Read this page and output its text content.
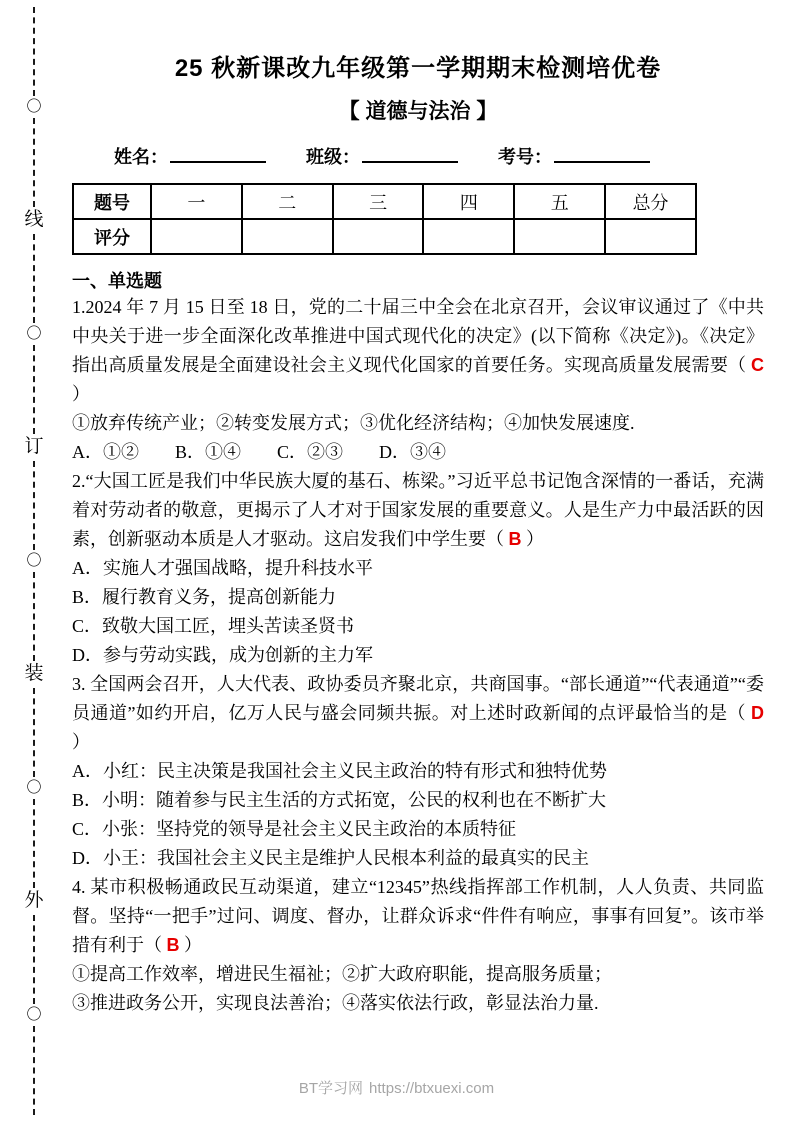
〇
线
〇
订
〇
装
〇
外
〇
25 秋新课改九年级第一学期期末检测培优卷
【 道德与法治 】
姓名：	班级：	考号：
题号	一	二	三	四	五	总分
评分						
一、单选题

1.2024 年 7 月 15 日至 18 日，党的二十届三中全会在北京召开，会议审议通过了《中共中央关于进一步全面深化改革推进中国式现代化的决定》(以下简称《决定》)。《决定》指出高质量发展是全面建设社会主义现代化国家的首要任务。实现高质量发展需要（ C ）

①放弃传统产业；②转变发展方式；③优化经济结构；④加快发展速度.

A．①② B．①④ C．②③ D．③④

2.“大国工匠是我们中华民族大厦的基石、栋梁。”习近平总书记饱含深情的一番话，充满着对劳动者的敬意，更揭示了人才对于国家发展的重要意义。人是生产力中最活跃的因素，创新驱动本质是人才驱动。这启发我们中学生要（ B ）

A．实施人才强国战略，提升科技水平

B．履行教育义务，提高创新能力

C．致敬大国工匠，埋头苦读圣贤书

D．参与劳动实践，成为创新的主力军

3. 全国两会召开，人大代表、政协委员齐聚北京，共商国事。“部长通道”“代表通道”“委员通道”如约开启，亿万人民与盛会同频共振。对上述时政新闻的点评最恰当的是（ D ）

A．小红：民主决策是我国社会主义民主政治的特有形式和独特优势

B．小明：随着参与民主生活的方式拓宽，公民的权利也在不断扩大

C．小张：坚持党的领导是社会主义民主政治的本质特征

D．小王：我国社会主义民主是维护人民根本利益的最真实的民主

4. 某市积极畅通政民互动渠道，建立“12345”热线指挥部工作机制，人人负责、共同监督。坚持“一把手”过问、调度、督办，让群众诉求“件件有响应，事事有回复”。该市举措有利于（ B ）

①提高工作效率，增进民生福祉；②扩大政府职能，提高服务质量；

③推进政务公开，实现良法善治；④落实依法行政，彰显法治力量.

BT学习网 https://btxuexi.com
